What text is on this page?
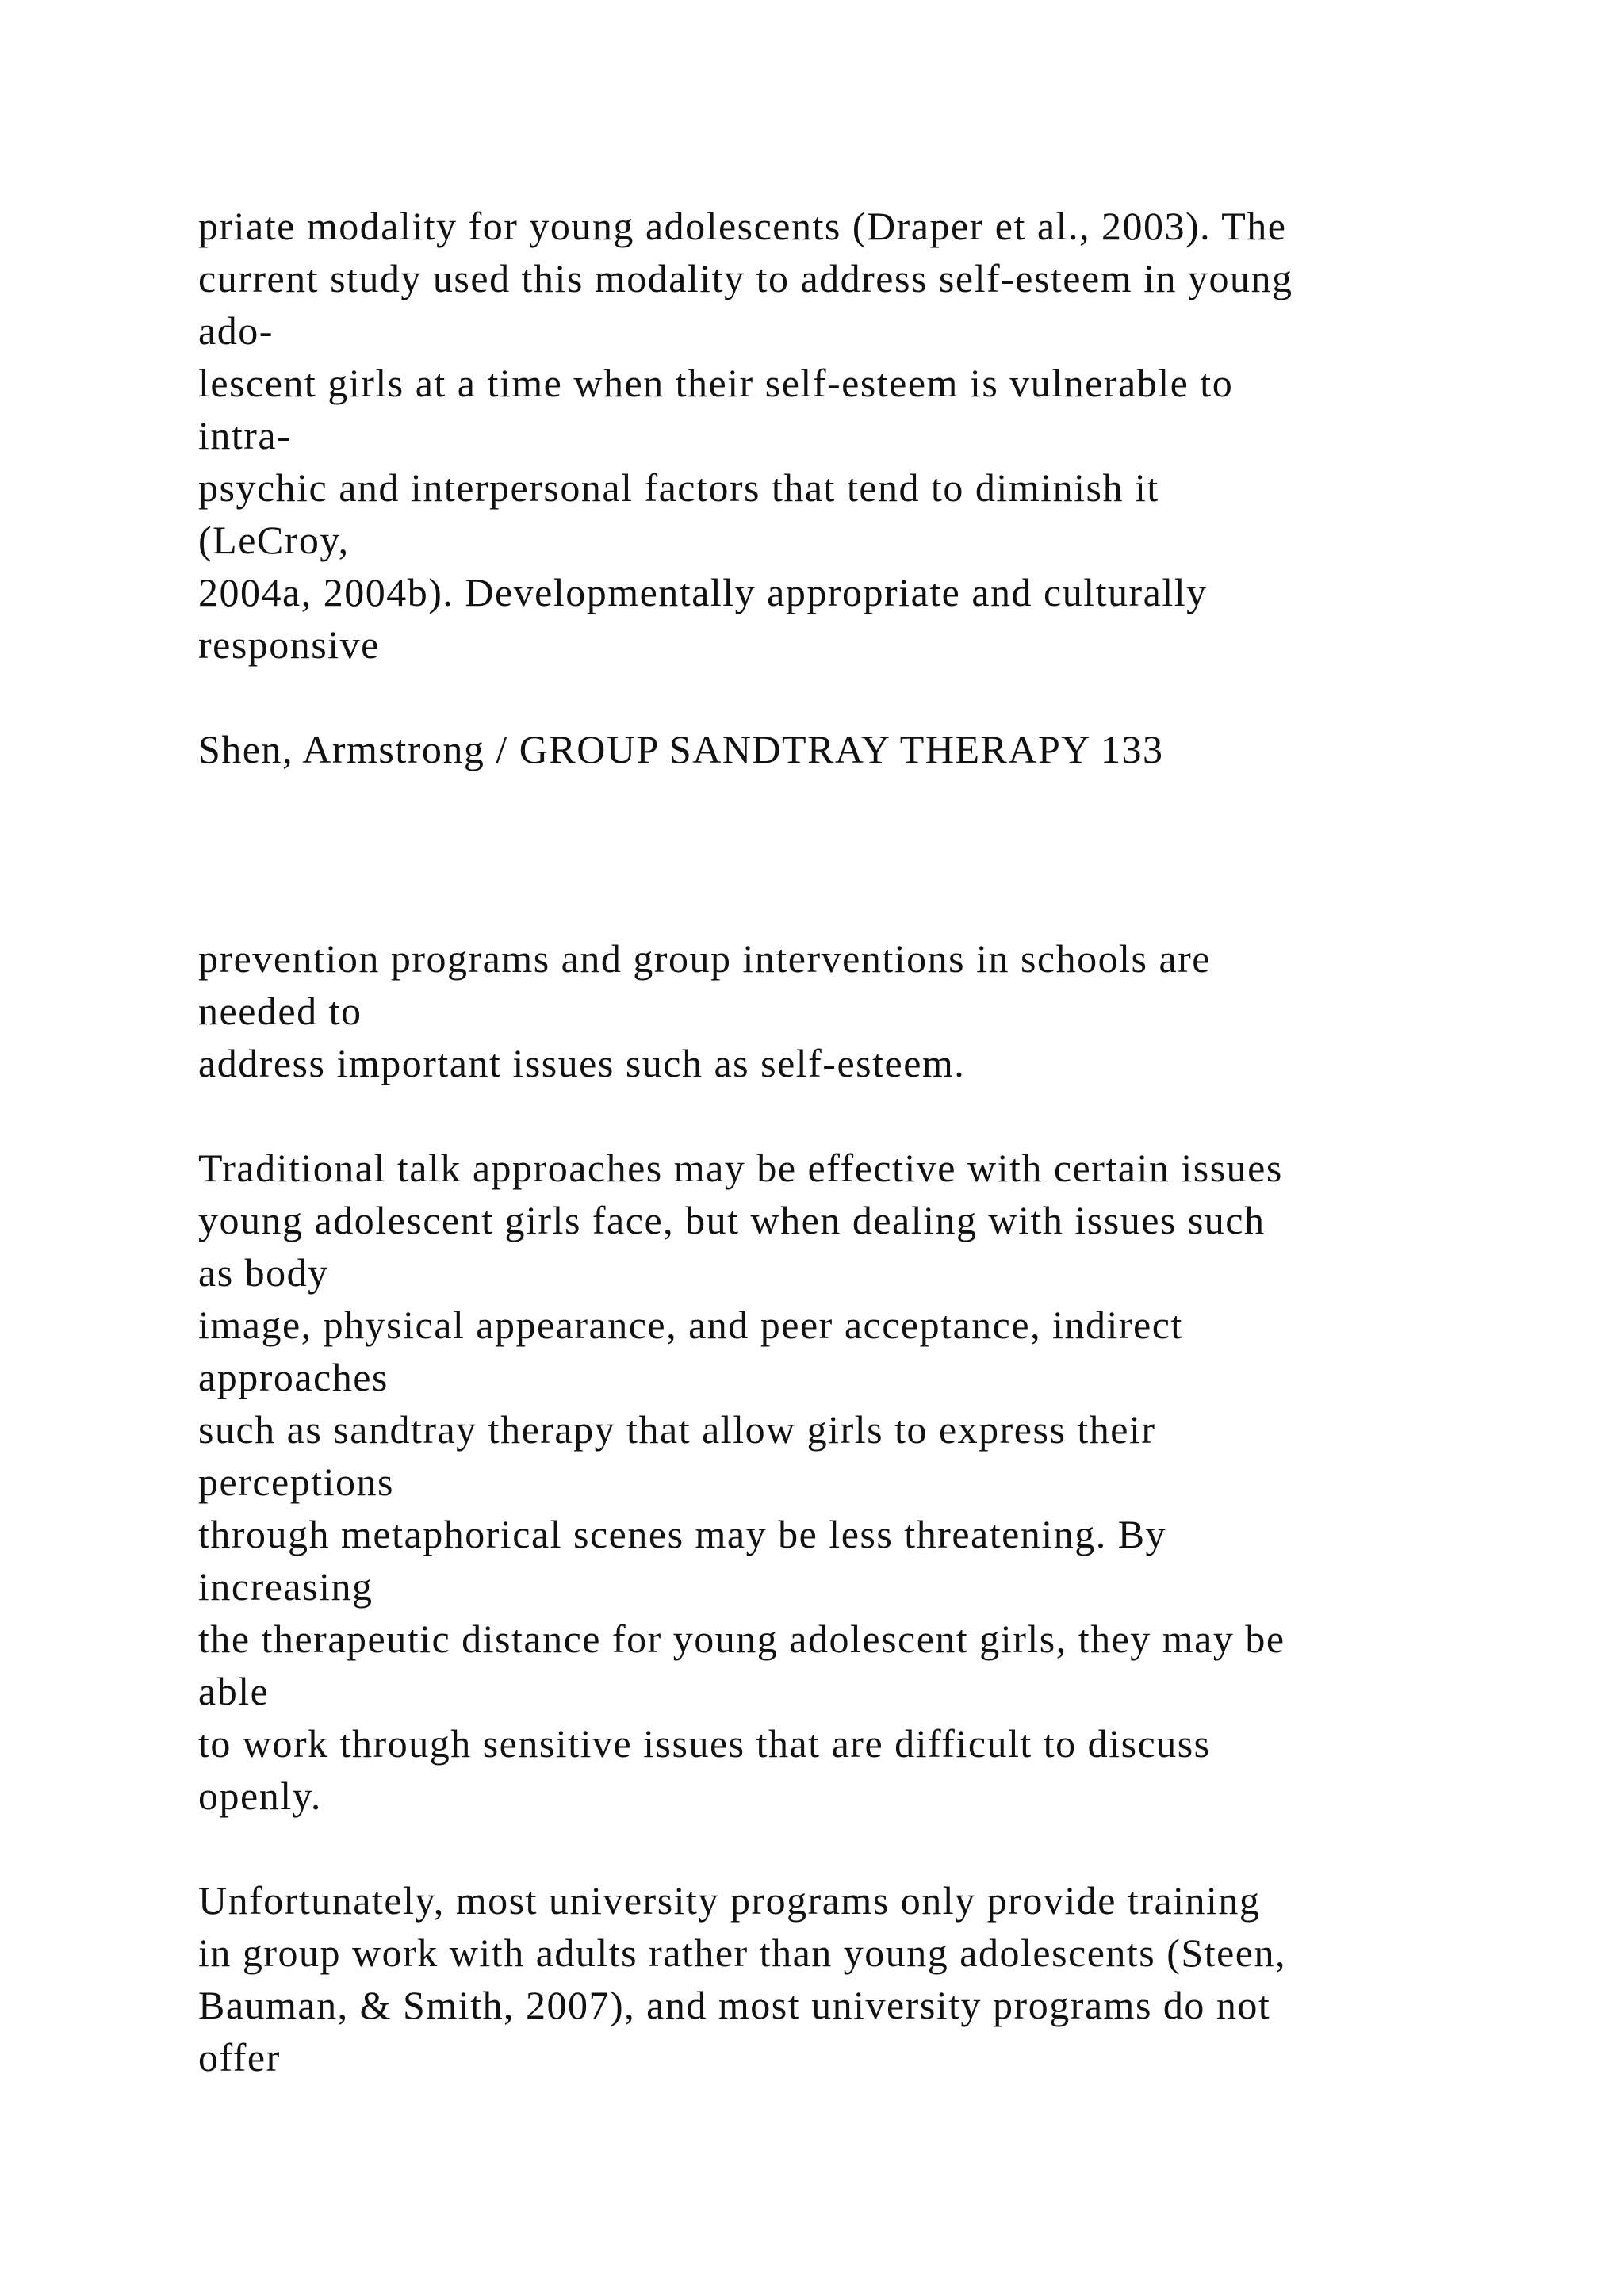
priate modality for young adolescents (Draper et al., 2003). The

current study used this modality to address self-esteem in young

ado-

lescent girls at a time when their self-esteem is vulnerable to

intra-

psychic and interpersonal factors that tend to diminish it

(LeCroy,

2004a, 2004b). Developmentally appropriate and culturally

responsive

Shen, Armstrong / GROUP SANDTRAY THERAPY 133

prevention programs and group interventions in schools are

needed to

address important issues such as self-esteem.

Traditional talk approaches may be effective with certain issues

young adolescent girls face, but when dealing with issues such

as body

image, physical appearance, and peer acceptance, indirect

approaches

such as sandtray therapy that allow girls to express their

perceptions

through metaphorical scenes may be less threatening. By

increasing

the therapeutic distance for young adolescent girls, they may be

able

to work through sensitive issues that are difficult to discuss

openly.

Unfortunately, most university programs only provide training

in group work with adults rather than young adolescents (Steen,

Bauman, & Smith, 2007), and most university programs do not

offer
